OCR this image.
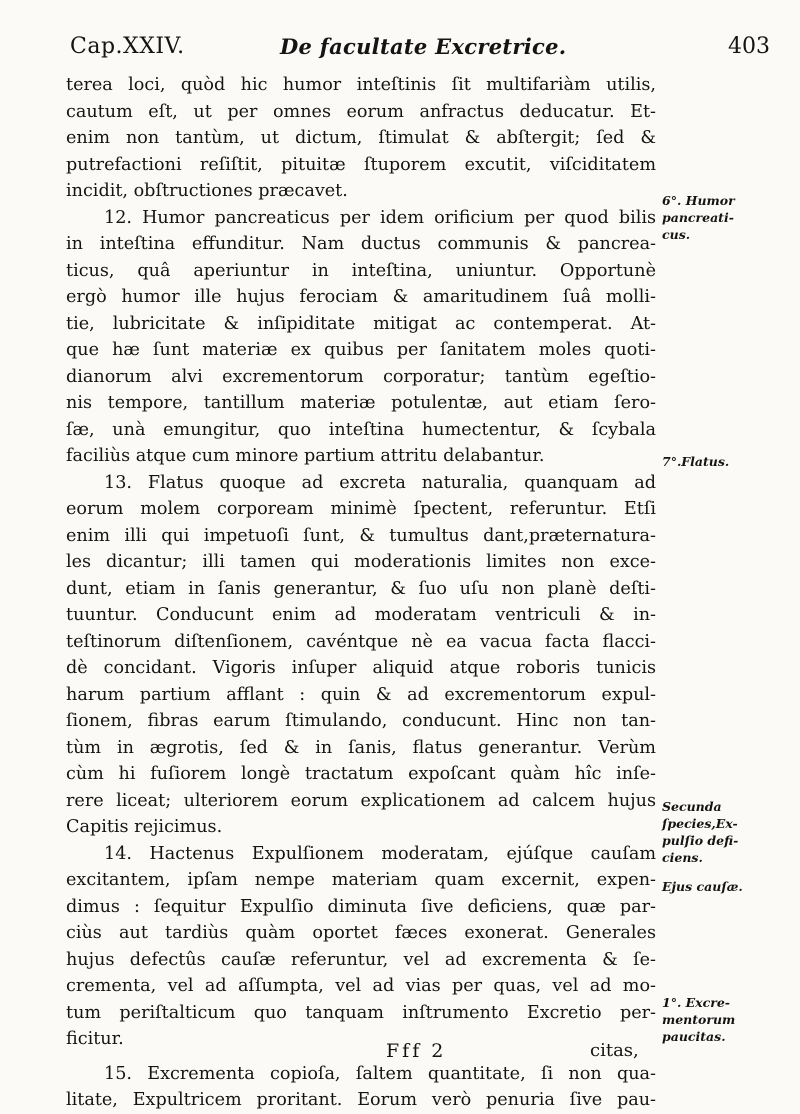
Cap.XXIV.	De facultate Excretrice.	403
terea loci, quòd hic humor inteſtinis ſit multifariàm utilis,
cautum eſt, ut per omnes eorum anfractus deducatur. Et-
enim non tantùm, ut dictum, ſtimulat & abſtergit; ſed &
putrefactioni reſiſtit, pituitæ ſtuporem excutit, viſciditatem
incidit, obſtructiones præcavet.
12. Humor pancreaticus per idem orificium per quod bilis
in inteſtina effunditur. Nam ductus communis & pancrea-
ticus, quâ aperiuntur in inteſtina, uniuntur. Opportunè
ergò humor ille hujus ferociam & amaritudinem ſuâ molli-
tie, lubricitate & inſipiditate mitigat ac contemperat. At-
que hæ ſunt materiæ ex quibus per ſanitatem moles quoti-
dianorum alvi excrementorum corporatur; tantùm egeſtio-
nis tempore, tantillum materiæ potulentæ, aut etiam ſero-
ſæ, unà emungitur, quo inteſtina humectentur, & ſcybala
faciliùs atque cum minore partium attritu delabantur.
13. Flatus quoque ad excreta naturalia, quanquam ad
eorum molem corpoream minimè ſpectent, referuntur. Etſi
enim illi qui impetuoſi ſunt, & tumultus dant,præternatura-
les dicantur; illi tamen qui moderationis limites non exce-
dunt, etiam in ſanis generantur, & ſuo uſu non planè deſti-
tuuntur. Conducunt enim ad moderatam ventriculi & in-
teſtinorum diſtenſionem, cavéntque nè ea vacua facta flacci-
dè concidant. Vigoris inſuper aliquid atque roboris tunicis
harum partium afflant : quin & ad excrementorum expul-
ſionem, fibras earum ſtimulando, conducunt. Hinc non tan-
tùm in ægrotis, ſed & in ſanis, flatus generantur. Verùm
cùm hi fuſiorem longè tractatum expoſcant quàm hîc inſe-
rere liceat; ulteriorem eorum explicationem ad calcem hujus
Capitis rejicimus.
14. Hactenus Expulſionem moderatam, ejúſque cauſam
excitantem, ipſam nempe materiam quam excernit, expen-
dimus : ſequitur Expulſio diminuta ſive deficiens, quæ par-
ciùs aut tardiùs quàm oportet fæces exonerat. Generales
hujus defectûs cauſæ referuntur, vel ad excrementa & ſe-
crementa, vel ad aſſumpta, vel ad vias per quas, vel ad mo-
tum periſtalticum quo tanquam inſtrumento Excretio per-
ficitur.
15. Excrementa copioſa, ſaltem quantitate, ſi non qua-
litate, Expultricem proritant. Eorum verò penuria ſive pau-
6°. Humor
pancreati-
cus.
7°.Flatus.
Secunda
ſpecies,Ex-
pulſio defi-
ciens.
Ejus cauſæ.
1°. Excre-
mentorum
paucitas.
Fff 2	citas,
